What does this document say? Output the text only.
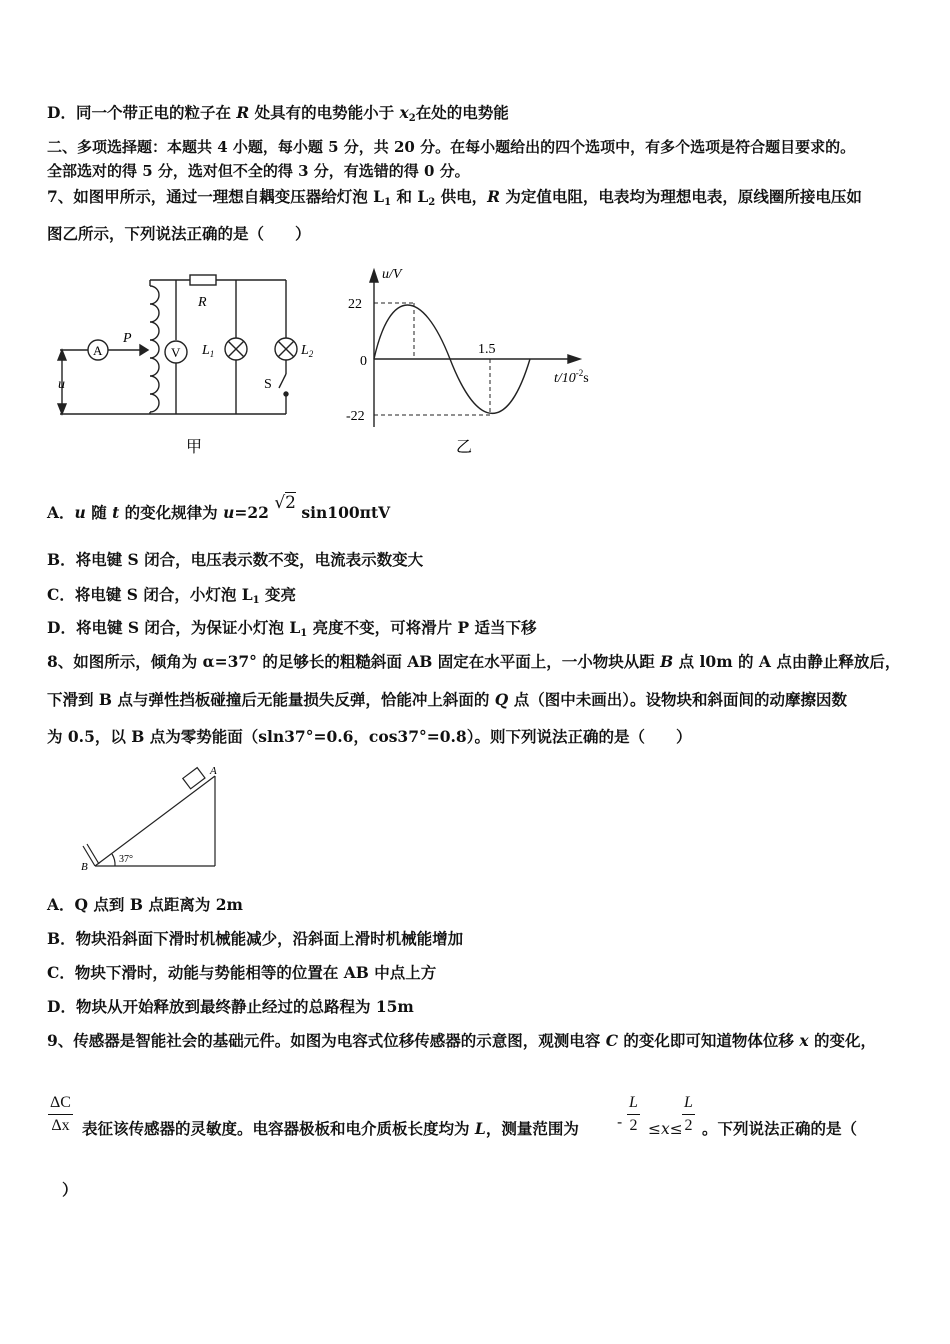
D．同一个带正电的粒子在 R 处具有的电势能小于 $x_2$在处的电势能
二、多项选择题：本题共 4 小题，每小题 5 分，共 20 分。在每小题给出的四个选项中，有多个选项是符合题目要求的。
全部选对的得 5 分，选对但不全的得 3 分，有选错的得 0 分。
7、如图甲所示，通过一理想自耦变压器给灯泡 $L_1$ 和 $L_2$ 供电，R 为定值电阻，电表均为理想电表，原线圈所接电压如
图乙所示，下列说法正确的是（　　）
A	V
P
R
$L_1$	$L_2$
S
u
甲
u/V
22
-22
0
1.5
$t/10^{-2}s$
乙
A．u 随 t 的变化规律为 u=22 √2 sin100πtV
B．将电键 S 闭合，电压表示数不变，电流表示数变大
C．将电键 S 闭合，小灯泡 $L_1$ 变亮
D．将电键 S 闭合，为保证小灯泡 $L_1$ 亮度不变，可将滑片 P 适当下移
8、如图所示，倾角为 α=37° 的足够长的粗糙斜面 AB 固定在水平面上，一小物块从距 B 点 l0m 的 A 点由静止释放后，
下滑到 B 点与弹性挡板碰撞后无能量损失反弹，恰能冲上斜面的 Q 点（图中未画出）。设物块和斜面间的动摩擦因数
为 0.5，以 B 点为零势能面（sln37°=0.6，cos37°=0.8）。则下列说法正确的是（　　）
A
B
37°
A．Q 点到 B 点距离为 2m
B．物块沿斜面下滑时机械能减少，沿斜面上滑时机械能增加
C．物块下滑时，动能与势能相等的位置在 AB 中点上方
D．物块从开始释放到最终静止经过的总路程为 15m
9、传感器是智能社会的基础元件。如图为电容式位移传感器的示意图，观测电容 C 的变化即可知道物体位移 x 的变化，
ΔC
Δx 表征该传感器的灵敏度。电容器极板和电介质板长度均为 L，测量范围为 -
L
2 ≤x≤
L
2 。下列说法正确的是（
）
